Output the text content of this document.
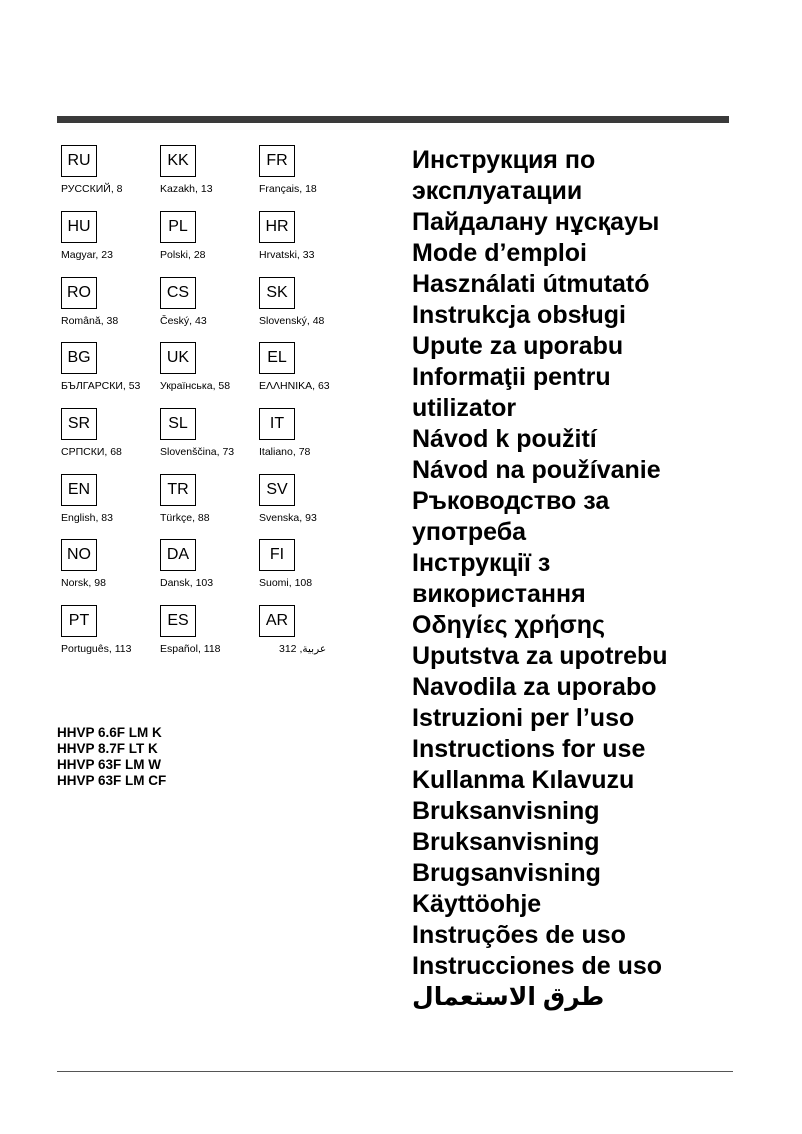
RU
РУССКИЙ, 8
KK
Kazakh, 13
FR
Français, 18
HU
Magyar, 23
PL
Polski, 28
HR
Hrvatski, 33
RO
Română, 38
CS
Český, 43
SK
Slovenský, 48
BG
БЪЛГАРСКИ, 53
UK
Українська, 58
EL
ΕΛΛΗΝΙΚΑ, 63
SR
СРПСКИ, 68
SL
Slovenščina, 73
IT
Italiano, 78
EN
English, 83
TR
Türkçe, 88
SV
Svenska, 93
NO
Norsk, 98
DA
Dansk, 103
FI
Suomi, 108
PT
Português, 113
ES
Español, 118
AR
عربية, 312
HHVP 6.6F LM K
HHVP 8.7F LT K
HHVP 63F LM W
HHVP 63F LM CF
Инструкция по
эксплуатации
Пайдалану нұсқауы
Mode d’emploi
Használati útmutató
Instrukcja obsługi
Upute za uporabu
Informaţii pentru
utilizator
Návod k použití
Návod na používanie
Ръководство за
употреба
Інструкції з
використання
Οδηγίες χρήσης
Uputstva za upotrebu
Navodila za uporabo
Istruzioni per l’uso
Instructions for use
Kullanma Kılavuzu
Bruksanvisning
Bruksanvisning
Brugsanvisning
Käyttöohje
Instruções de uso
Instrucciones de uso
طرق الاستعمال
